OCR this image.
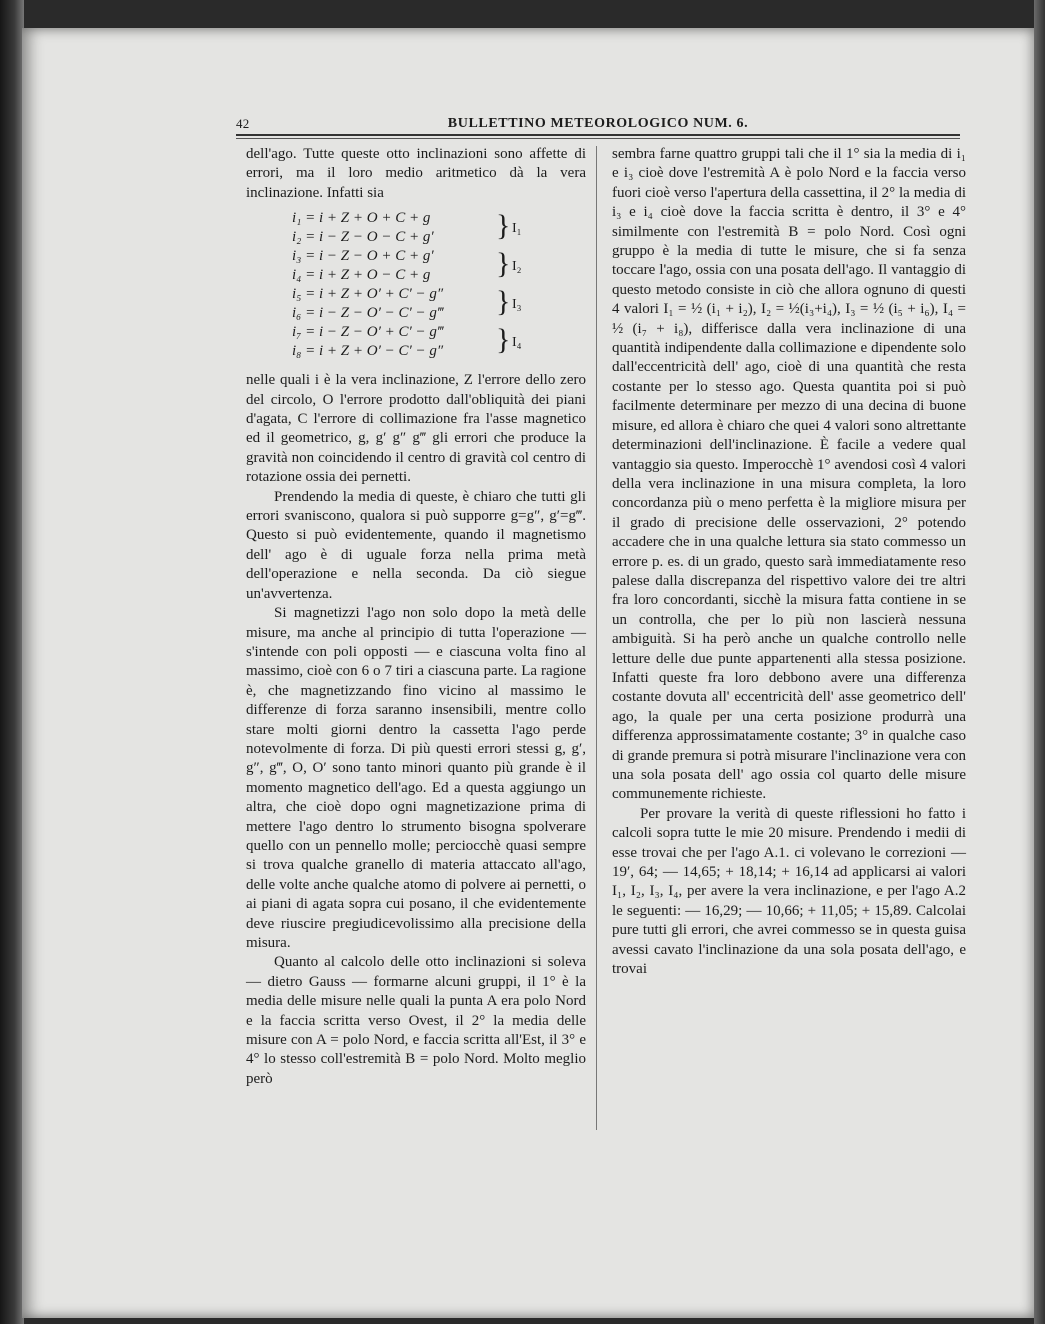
42	BULLETTINO METEOROLOGICO NUM. 6.

dell'ago. Tutte queste otto inclinazioni sono affette di errori, ma il loro medio aritmetico dà la vera inclinazione. Infatti sia

i₁ = i + Z + O + C + g
i₂ = i − Z − O − C + g′
i₃ = i − Z − O + C + g′
i₄ = i + Z + O − C + g
i₅ = i + Z + O′ + C′ − g″
i₆ = i − Z − O′ − C′ − g‴
i₇ = i − Z − O′ + C′ − g‴
i₈ = i + Z + O′ − C′ − g″
}
}
}
}
I₁
I₂
I₃
I₄

nelle quali i è la vera inclinazione, Z l'errore dello zero del circolo, O l'errore prodotto dall'obliquità dei piani d'agata, C l'errore di collimazione fra l'asse magnetico ed il geometrico, g, g′ g″ g‴ gli errori che produce la gravità non coincidendo il centro di gravità col centro di rotazione ossia dei pernetti.

Prendendo la media di queste, è chiaro che tutti gli errori svaniscono, qualora si può supporre g=g″, g′=g‴. Questo si può evidentemente, quando il magnetismo dell' ago è di uguale forza nella prima metà dell'operazione e nella seconda. Da ciò siegue un'avvertenza.

Si magnetizzi l'ago non solo dopo la metà delle misure, ma anche al principio di tutta l'operazione — s'intende con poli opposti — e ciascuna volta fino al massimo, cioè con 6 o 7 tiri a ciascuna parte. La ragione è, che magnetizzando fino vicino al massimo le differenze di forza saranno insensibili, mentre collo stare molti giorni dentro la cassetta l'ago perde notevolmente di forza. Di più questi errori stessi g, g′, g″, g‴, O, O′ sono tanto minori quanto più grande è il momento magnetico dell'ago. Ed a questa aggiungo un altra, che cioè dopo ogni magnetizazione prima di mettere l'ago dentro lo strumento bisogna spolverare quello con un pennello molle; perciocchè quasi sempre si trova qualche granello di materia attaccato all'ago, delle volte anche qualche atomo di polvere ai pernetti, o ai piani di agata sopra cui posano, il che evidentemente deve riuscire pregiudicevolissimo alla precisione della misura.

Quanto al calcolo delle otto inclinazioni si soleva — dietro Gauss — formarne alcuni gruppi, il 1° è la media delle misure nelle quali la punta A era polo Nord e la faccia scritta verso Ovest, il 2° la media delle misure con A = polo Nord, e faccia scritta all'Est, il 3° e 4° lo stesso coll'estremità B = polo Nord. Molto meglio però

sembra farne quattro gruppi tali che il 1° sia la media di i₁ e i₃ cioè dove l'estremità A è polo Nord e la faccia verso fuori cioè verso l'apertura della cassettina, il 2° la media di i₃ e i₄ cioè dove la faccia scritta è dentro, il 3° e 4° similmente con l'estremità B = polo Nord. Così ogni gruppo è la media di tutte le misure, che si fa senza toccare l'ago, ossia con una posata dell'ago. Il vantaggio di questo metodo consiste in ciò che allora ognuno di questi 4 valori I₁ = ½ (i₁ + i₂), I₂ = ½(i₃+i₄), I₃ = ½ (i₅ + i₆), I₄ = ½ (i₇ + i₈), differisce dalla vera inclinazione di una quantità indipendente dalla collimazione e dipendente solo dall'eccentricità dell' ago, cioè di una quantità che resta costante per lo stesso ago. Questa quantita poi si può facilmente determinare per mezzo di una decina di buone misure, ed allora è chiaro che quei 4 valori sono altrettante determinazioni dell'inclinazione. È facile a vedere qual vantaggio sia questo. Imperocchè 1° avendosi così 4 valori della vera inclinazione in una misura completa, la loro concordanza più o meno perfetta è la migliore misura per il grado di precisione delle osservazioni, 2° potendo accadere che in una qualche lettura sia stato commesso un errore p. es. di un grado, questo sarà immediatamente reso palese dalla discrepanza del rispettivo valore dei tre altri fra loro concordanti, sicchè la misura fatta contiene in se un controlla, che per lo più non lascierà nessuna ambiguità. Si ha però anche un qualche controllo nelle letture delle due punte appartenenti alla stessa posizione. Infatti queste fra loro debbono avere una differenza costante dovuta all' eccentricità dell' asse geometrico dell' ago, la quale per una certa posizione produrrà una differenza approssimatamente costante; 3° in qualche caso di grande premura si potrà misurare l'inclinazione vera con una sola posata dell' ago ossia col quarto delle misure communemente richieste.

Per provare la verità di queste riflessioni ho fatto i calcoli sopra tutte le mie 20 misure. Prendendo i medii di esse trovai che per l'ago A.1. ci volevano le correzioni — 19′, 64; — 14,65; + 18,14; + 16,14 ad applicarsi ai valori I₁, I₂, I₃, I₄, per avere la vera inclinazione, e per l'ago A.2 le seguenti: — 16,29; — 10,66; + 11,05; + 15,89. Calcolai pure tutti gli errori, che avrei commesso se in questa guisa avessi cavato l'inclinazione da una sola posata dell'ago, e trovai
